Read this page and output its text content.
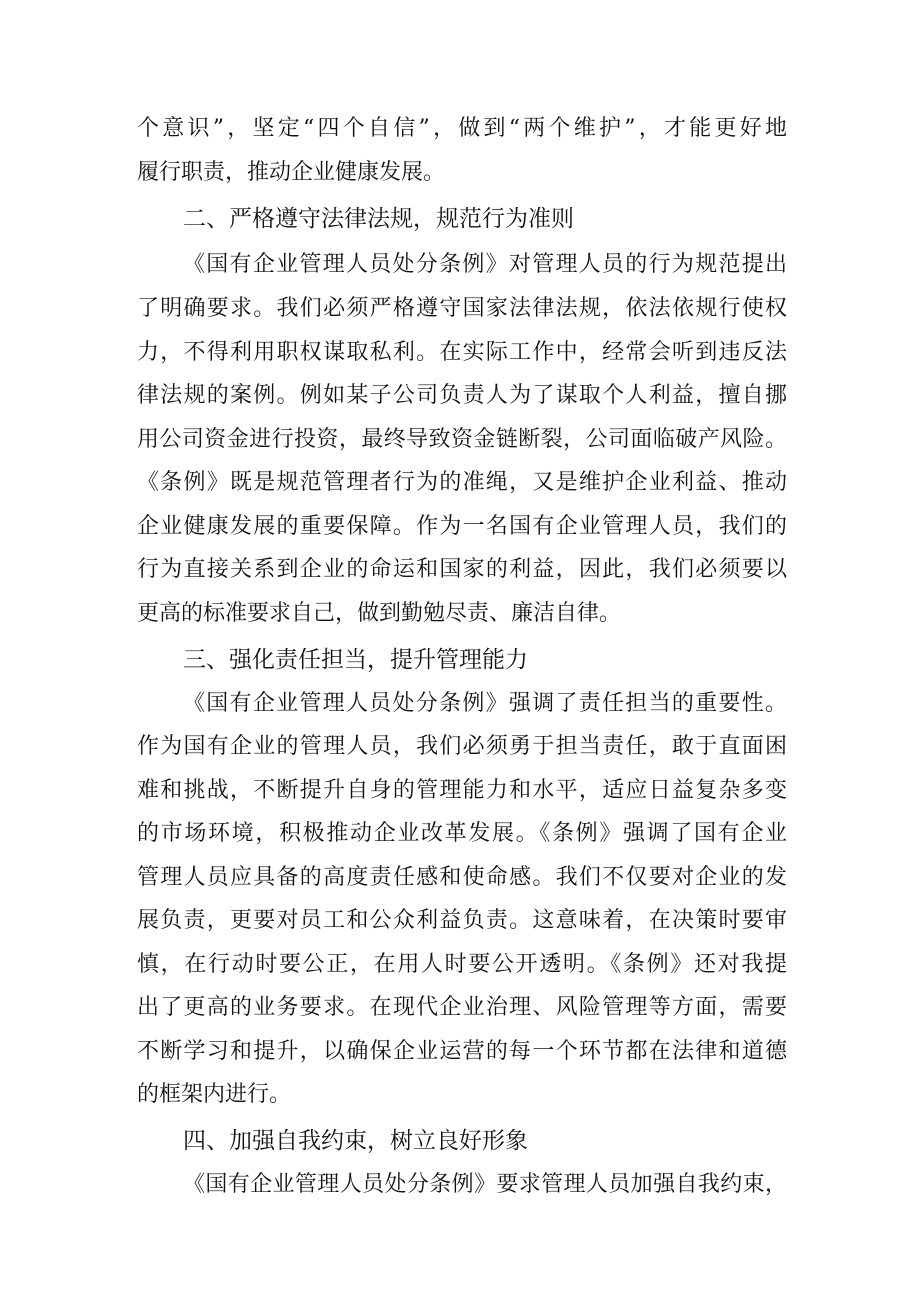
个意识”，坚定“四个自信”，做到“两个维护”，才能更好地
履行职责，推动企业健康发展。
二、严格遵守法律法规，规范行为准则
《国有企业管理人员处分条例》对管理人员的行为规范提出
了明确要求。我们必须严格遵守国家法律法规，依法依规行使权
力，不得利用职权谋取私利。在实际工作中，经常会听到违反法
律法规的案例。例如某子公司负责人为了谋取个人利益，擅自挪
用公司资金进行投资，最终导致资金链断裂，公司面临破产风险。
《条例》既是规范管理者行为的准绳，又是维护企业利益、推动
企业健康发展的重要保障。作为一名国有企业管理人员，我们的
行为直接关系到企业的命运和国家的利益，因此，我们必须要以
更高的标准要求自己，做到勤勉尽责、廉洁自律。
三、强化责任担当，提升管理能力
《国有企业管理人员处分条例》强调了责任担当的重要性。
作为国有企业的管理人员，我们必须勇于担当责任，敢于直面困
难和挑战，不断提升自身的管理能力和水平，适应日益复杂多变
的市场环境，积极推动企业改革发展。《条例》强调了国有企业
管理人员应具备的高度责任感和使命感。我们不仅要对企业的发
展负责，更要对员工和公众利益负责。这意味着，在决策时要审
慎，在行动时要公正，在用人时要公开透明。《条例》还对我提
出了更高的业务要求。在现代企业治理、风险管理等方面，需要
不断学习和提升，以确保企业运营的每一个环节都在法律和道德
的框架内进行。
四、加强自我约束，树立良好形象
《国有企业管理人员处分条例》要求管理人员加强自我约束，
